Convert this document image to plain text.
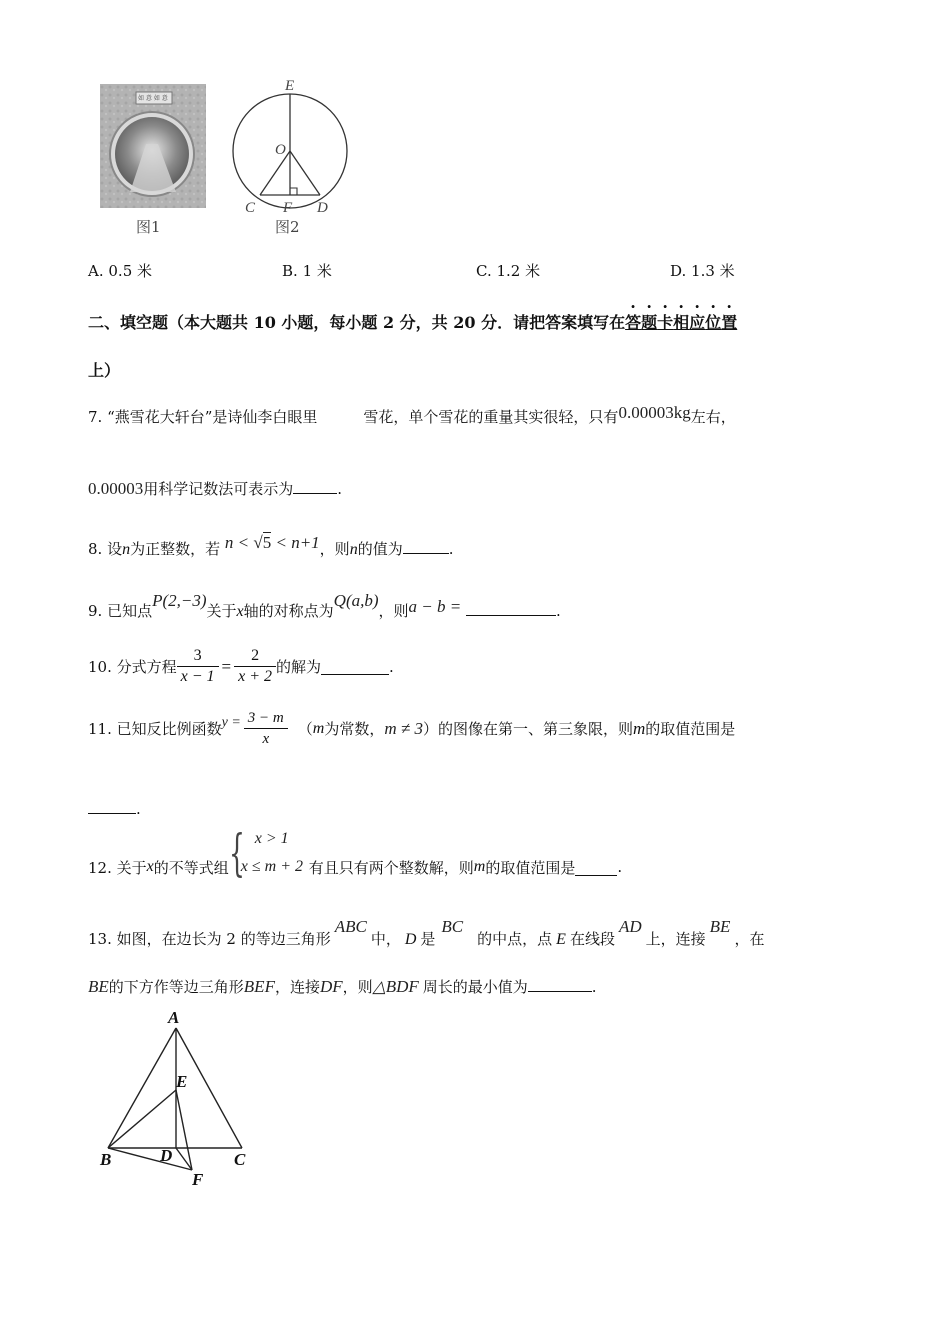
如 意 如 意
图1
E
O
C F D
图2
A. 0.5 米	B. 1 米	C. 1.2 米	D. 1.3 米
二、填空题（本大题共 10 小题，每小题 2 分，共 20 分．请把答案填写在答题卡相应位置
上）
7. “燕雪花大轩台”是诗仙李白眼里	雪花，单个雪花的重量其实很轻，只有0.00003kg左右，
0.00003用科学记数法可表示为	.
8. 设n为正整数，若 n < √5 < n+1，则n的值为	.
9. 已知点P(2,−3)关于x轴的对称点为Q(a,b)，则a − b =	.
10. 分式方程 $\frac{3}{x - 1} = \frac{2}{x + 2}$ 的解为	.
11. 已知反比例函数 $y = \frac{3 - m}{x}$ （ m 为常数， m ≠ 3 ）的图像在第一、第三象限，则 m 的取值范围是
.
12. 关于 x 的不等式组 { x > 1
x ≤ m + 2 有且只有两个整数解，则 m 的取值范围是	.
13. 如图，在边长为 2 的等边三角形ABC中， D 是BC的中点，点 E 在线段AD上，连接BE，在
BE的下方作等边三角形BEF，连接DF，则△BDF 周长的最小值为	.
A
E
B	D	C
F
